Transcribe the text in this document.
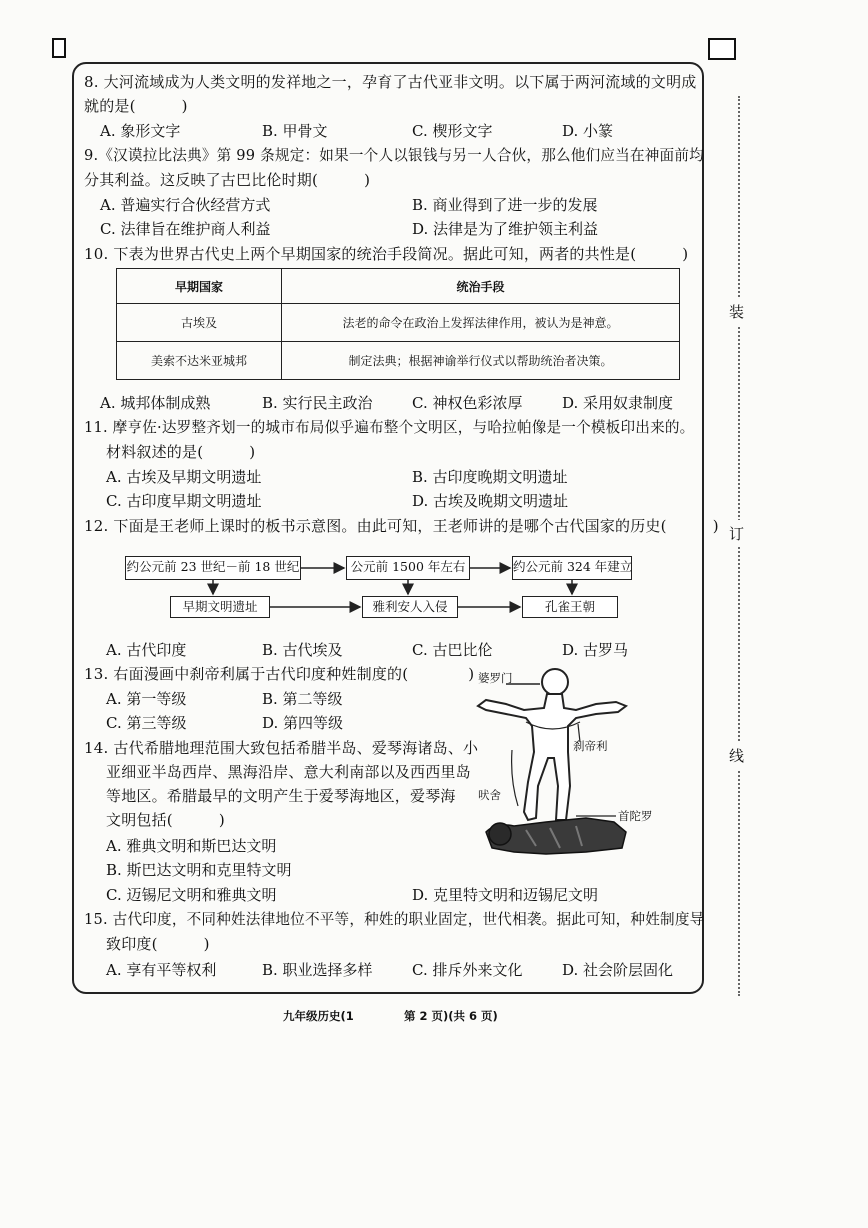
8. 大河流域成为人类文明的发祥地之一，孕育了古代亚非文明。以下属于两河流域的文明成
就的是(	)
A. 象形文字	B. 甲骨文	C. 楔形文字	D. 小篆
9.《汉谟拉比法典》第 99 条规定：如果一个人以银钱与另一人合伙，那么他们应当在神面前均
分其利益。这反映了古巴比伦时期(	)
A. 普遍实行合伙经营方式	B. 商业得到了进一步的发展
C. 法律旨在维护商人利益	D. 法律是为了维护领主利益
10. 下表为世界古代史上两个早期国家的统治手段简况。据此可知，两者的共性是(	)
早期国家	统治手段
古埃及	法老的命令在政治上发挥法律作用，被认为是神意。
美索不达米亚城邦	制定法典；根据神谕举行仪式以帮助统治者决策。
A. 城邦体制成熟	B. 实行民主政治	C. 神权色彩浓厚	D. 采用奴隶制度
11. 摩亨佐·达罗整齐划一的城市布局似乎遍布整个文明区，与哈拉帕像是一个模板印出来的。
材料叙述的是(	)
A. 古埃及早期文明遗址	B. 古印度晚期文明遗址
C. 古印度早期文明遗址	D. 古埃及晚期文明遗址
12. 下面是王老师上课时的板书示意图。由此可知，王老师讲的是哪个古代国家的历史(	)
约公元前 23 世纪－前 18 世纪	公元前 1500 年左右	约公元前 324 年建立
早期文明遗址	雅利安人入侵	孔雀王朝
A. 古代印度	B. 古代埃及	C. 古巴比伦	D. 古罗马
13. 右面漫画中刹帝利属于古代印度种姓制度的(	)
A. 第一等级	B. 第二等级
C. 第三等级	D. 第四等级
婆罗门
刹帝利
吠舍
首陀罗
14. 古代希腊地理范围大致包括希腊半岛、爱琴海诸岛、小
亚细亚半岛西岸、黑海沿岸、意大利南部以及西西里岛
等地区。希腊最早的文明产生于爱琴海地区，爱琴海
文明包括(	)
A. 雅典文明和斯巴达文明
B. 斯巴达文明和克里特文明
C. 迈锡尼文明和雅典文明	D. 克里特文明和迈锡尼文明
15. 古代印度，不同种姓法律地位不平等，种姓的职业固定，世代相袭。据此可知，种姓制度导
致印度(	)
A. 享有平等权利	B. 职业选择多样	C. 排斥外来文化	D. 社会阶层固化
装
订
线
九年级历史(1	第 2 页)(共 6 页)
